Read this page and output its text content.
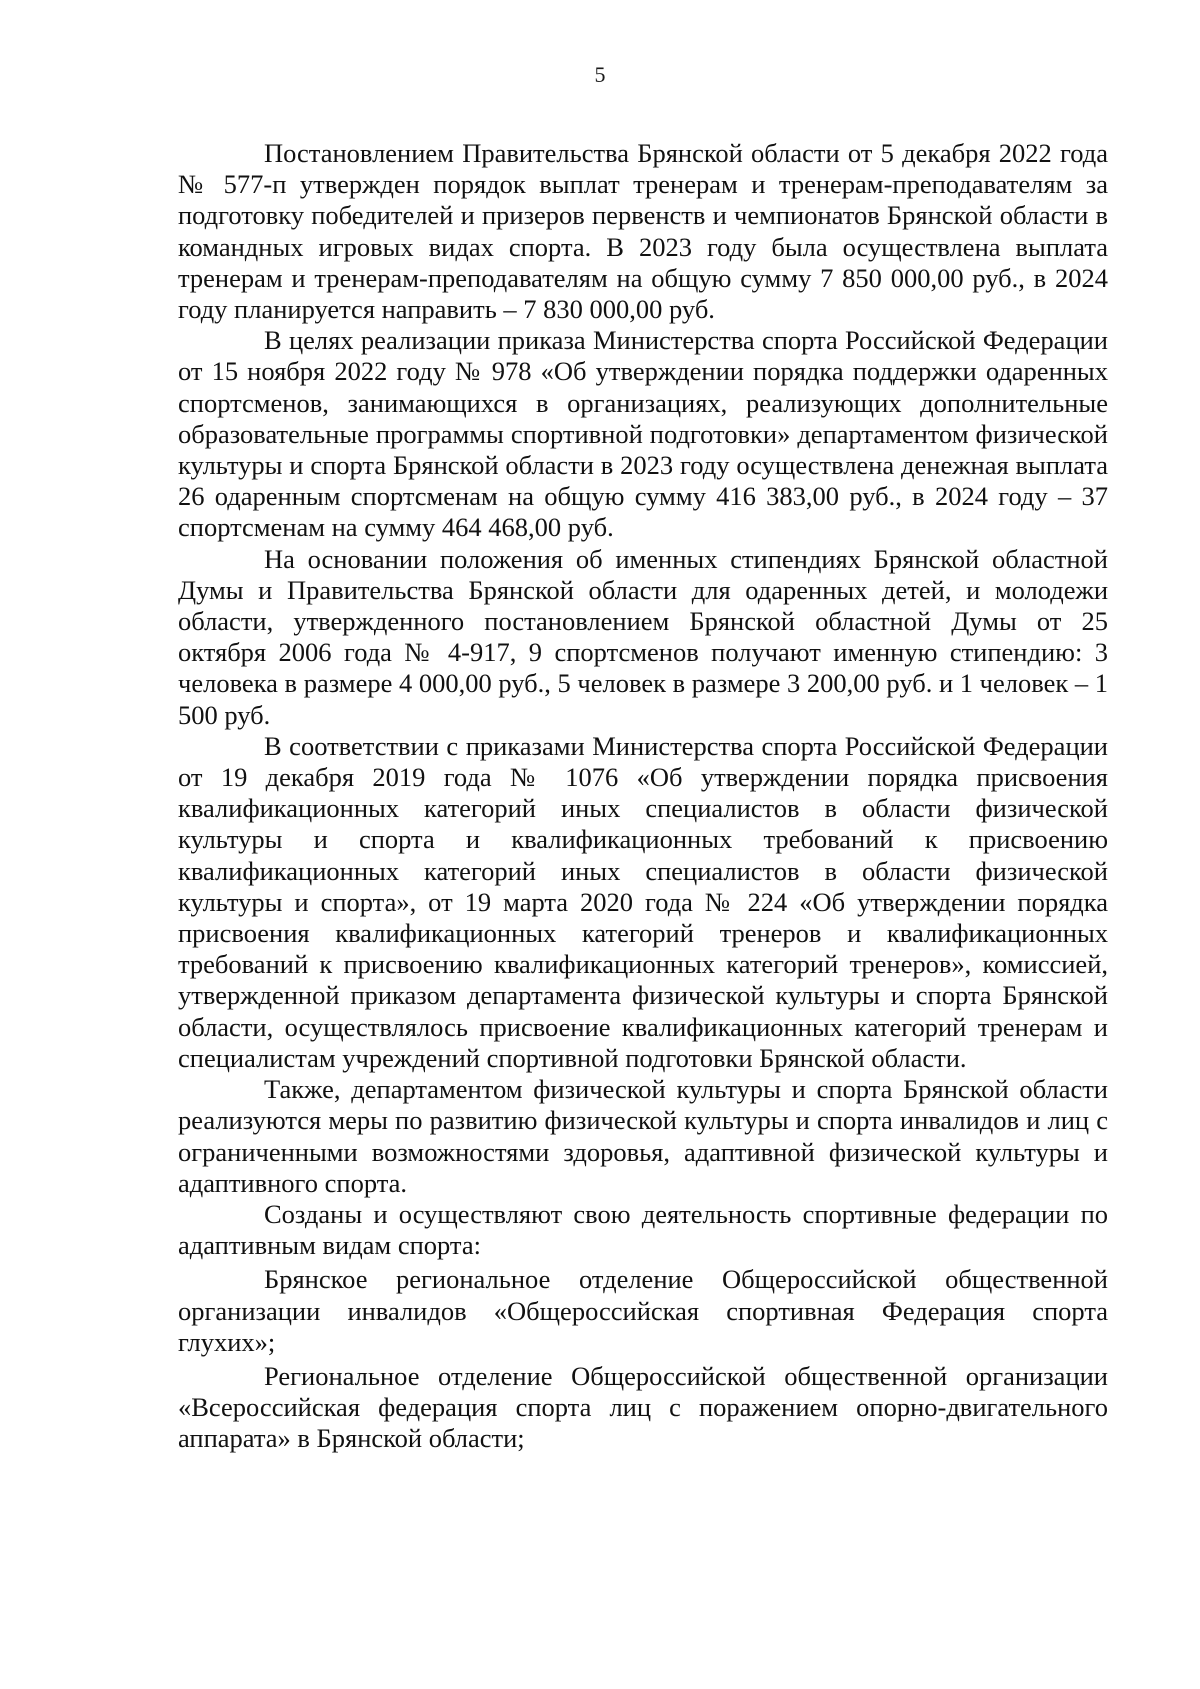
5

Постановлением Правительства Брянской области от 5 декабря 2022 года № 577-п утвержден порядок выплат тренерам и тренерам-преподавателям за подготовку победителей и призеров первенств и чемпионатов Брянской области в командных игровых видах спорта. В 2023 году была осуществлена выплата тренерам и тренерам-преподавателям на общую сумму 7 850 000,00 руб., в 2024 году планируется направить – 7 830 000,00 руб.

В целях реализации приказа Министерства спорта Российской Федерации от 15 ноября 2022 году № 978 «Об утверждении порядка поддержки одаренных спортсменов, занимающихся в организациях, реализующих дополнительные образовательные программы спортивной подготовки» департаментом физической культуры и спорта Брянской области в 2023 году осуществлена денежная выплата 26 одаренным спортсменам на общую сумму 416 383,00 руб., в 2024 году – 37 спортсменам на сумму 464 468,00 руб.

На основании положения об именных стипендиях Брянской областной Думы и Правительства Брянской области для одаренных детей, и молодежи области, утвержденного постановлением Брянской областной Думы от 25 октября 2006 года № 4-917, 9 спортсменов получают именную стипендию: 3 человека в размере 4 000,00 руб., 5 человек в размере 3 200,00 руб. и 1 человек – 1 500 руб.

В соответствии с приказами Министерства спорта Российской Федерации от 19 декабря 2019 года № 1076 «Об утверждении порядка присвоения квалификационных категорий иных специалистов в области физической культуры и спорта и квалификационных требований к присвоению квалификационных категорий иных специалистов в области физической культуры и спорта», от 19 марта 2020 года № 224 «Об утверждении порядка присвоения квалификационных категорий тренеров и квалификационных требований к присвоению квалификационных категорий тренеров», комиссией, утвержденной приказом департамента физической культуры и спорта Брянской области, осуществлялось присвоение квалификационных категорий тренерам и специалистам учреждений спортивной подготовки Брянской области.

Также, департаментом физической культуры и спорта Брянской области реализуются меры по развитию физической культуры и спорта инвалидов и лиц с ограниченными возможностями здоровья, адаптивной физической культуры и адаптивного спорта.

Созданы и осуществляют свою деятельность спортивные федерации по адаптивным видам спорта:

Брянское региональное отделение Общероссийской общественной организации инвалидов «Общероссийская спортивная Федерация спорта глухих»;

Региональное отделение Общероссийской общественной организации «Всероссийская федерация спорта лиц с поражением опорно-двигательного аппарата» в Брянской области;
